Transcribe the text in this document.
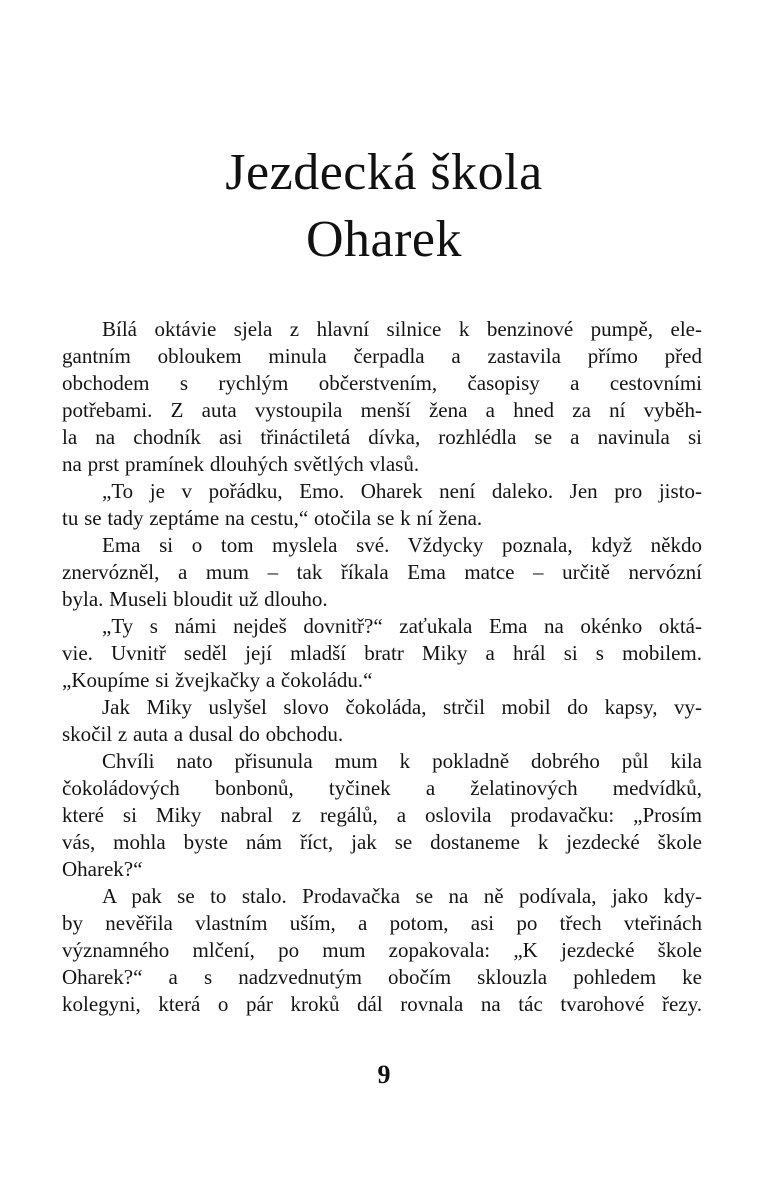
Jezdecká škola
Oharek
Bílá oktávie sjela z hlavní silnice k benzinové pumpě, ele-
gantním obloukem minula čerpadla a zastavila přímo před
obchodem s rychlým občerstvením, časopisy a cestovními
potřebami. Z auta vystoupila menší žena a hned za ní vyběh-
la na chodník asi třináctiletá dívka, rozhlédla se a navinula si
na prst pramínek dlouhých světlých vlasů.
„To je v pořádku, Emo. Oharek není daleko. Jen pro jisto-
tu se tady zeptáme na cestu,“ otočila se k ní žena.
Ema si o tom myslela své. Vždycky poznala, když někdo
znervózněl, a mum – tak říkala Ema matce – určitě nervózní
byla. Museli bloudit už dlouho.
„Ty s námi nejdeš dovnitř?“ zaťukala Ema na okénko oktá-
vie. Uvnitř seděl její mladší bratr Miky a hrál si s mobilem.
„Koupíme si žvejkačky a čokoládu.“
Jak Miky uslyšel slovo čokoláda, strčil mobil do kapsy, vy-
skočil z auta a dusal do obchodu.
Chvíli nato přisunula mum k pokladně dobrého půl kila
čokoládových bonbonů, tyčinek a želatinových medvídků,
které si Miky nabral z regálů, a oslovila prodavačku: „Prosím
vás, mohla byste nám říct, jak se dostaneme k jezdecké škole
Oharek?“
A pak se to stalo. Prodavačka se na ně podívala, jako kdy-
by nevěřila vlastním uším, a potom, asi po třech vteřinách
významného mlčení, po mum zopakovala: „K jezdecké škole
Oharek?“ a s nadzvednutým obočím sklouzla pohledem ke
kolegyni, která o pár kroků dál rovnala na tác tvarohové řezy.
9
